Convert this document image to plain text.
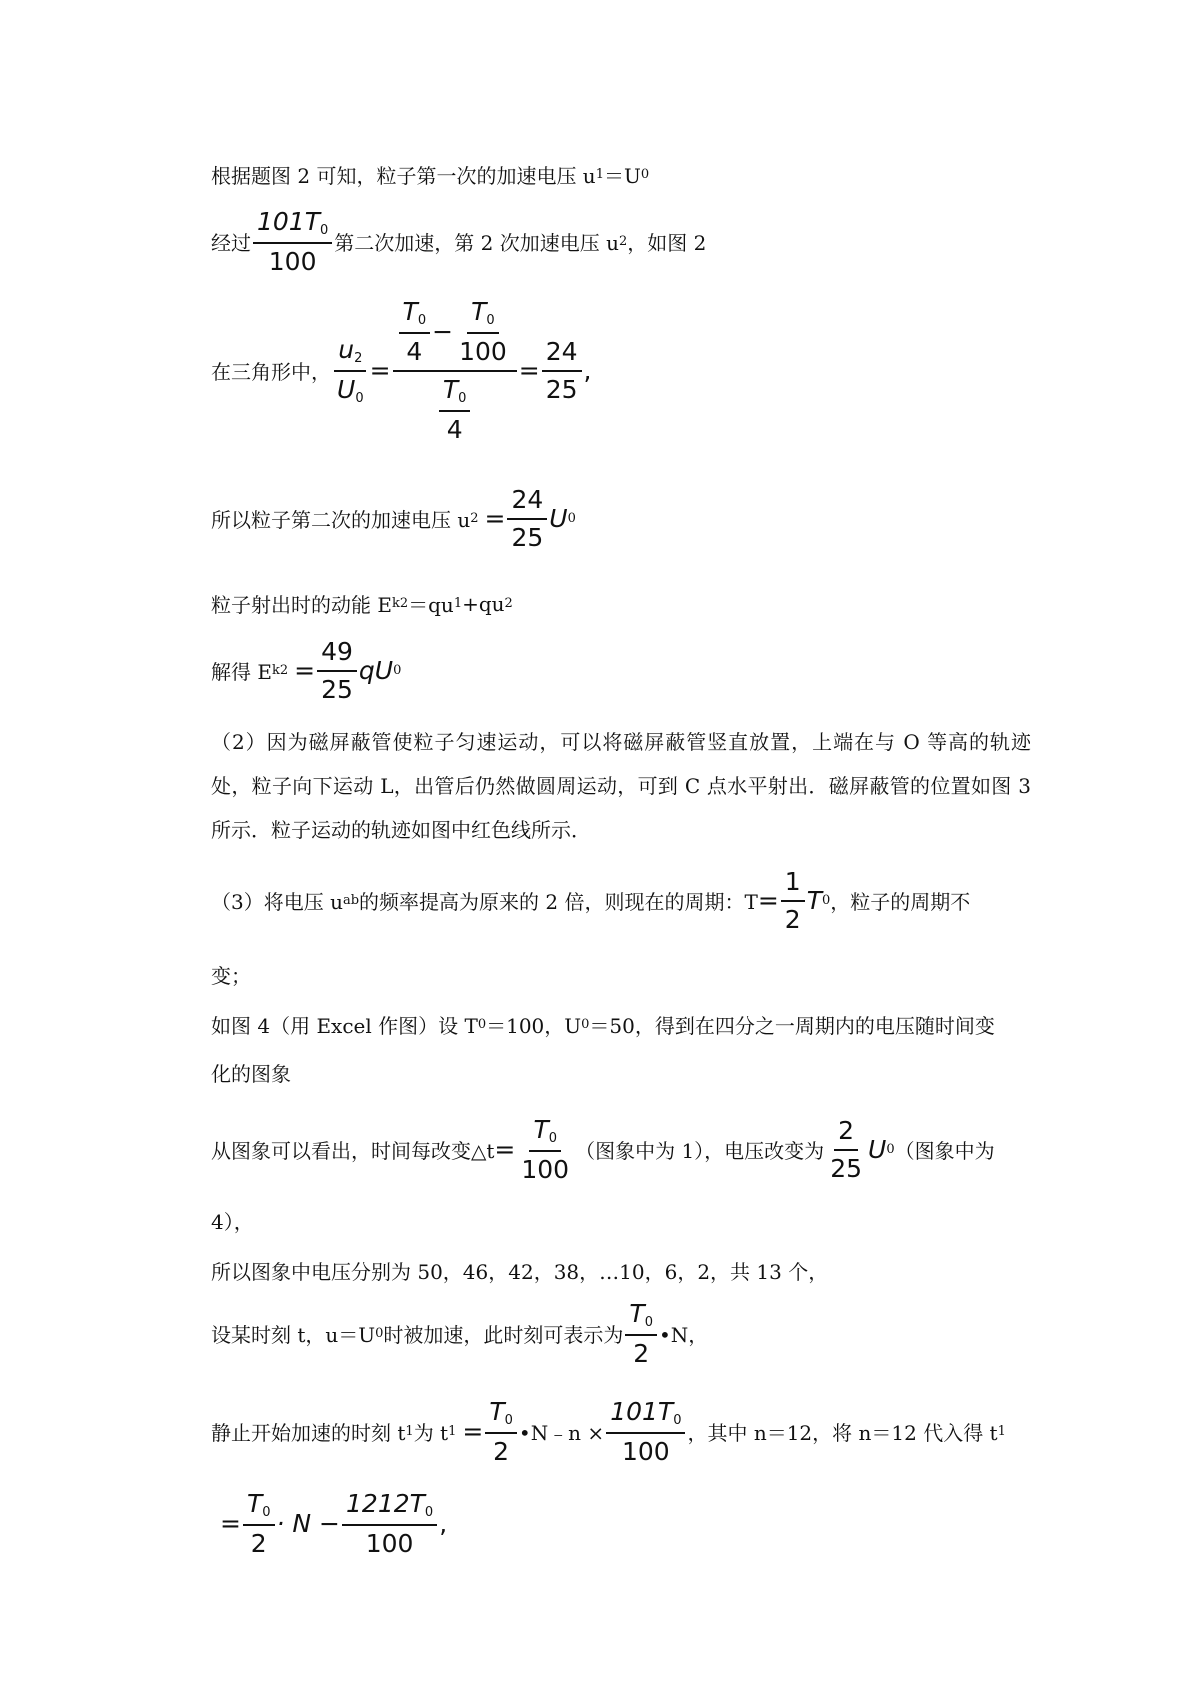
根据题图 2 可知，粒子第一次的加速电压 u 1 ＝U 0
经过 $\frac{101T_0}{100}$ 第二次加速，第 2 次加速电压 u 2 ，如图 2
在三角形中， $\frac{u_2}{U_0}$ =
$\frac{T_0}{4} - \frac{T_0}{100}$
$\frac{T_0}{4}$
= $\frac{24}{25}$ ,
所以粒子第二次的加速电压 u $2 = \frac{24}{25}$ U 0
粒子射出时的动能 E k2 ＝qu 1 +qu 2
解得 E $k2 = \frac{49}{25}$ qU 0
（2）因为磁屏蔽管使粒子匀速运动，可以将磁屏蔽管竖直放置，上端在与 O 等高的轨迹处，粒子向下运动 L，出管后仍然做圆周运动，可到 C 点水平射出．磁屏蔽管的位置如图 3 所示．粒子运动的轨迹如图中红色线所示．
（3）将电压 u ab 的频率提高为原来的 2 倍，则现在的周期：$T = \frac{1}{2}$ T 0 ，粒子的周期不
变；
如图 4（用 Excel 作图）设 T 0 ＝100，U 0 ＝50，得到在四分之一周期内的电压随时间变
化的图象
从图象可以看出，时间每改变△t = $\frac{T_0}{100}$ （图象中为 1），电压改变为 $\frac{2}{25}$ U 0 （图象中为
4），
所以图象中电压分别为 50，46，42，38，…10，6，2，共 13 个，
设某时刻 t，u＝U 0 时被加速，此时刻可表示为 $\frac{T_0}{2}$ •N，
静止开始加速的时刻 t 1 为 t $1 = \frac{T_0}{2}$ •N﹣n × $\frac{101T_0}{100}$ ，其中 n＝12，将 n＝12 代入得 t 1
= $\frac{T_0}{2} \cdot N - \frac{1212T_0}{100}$ ,
